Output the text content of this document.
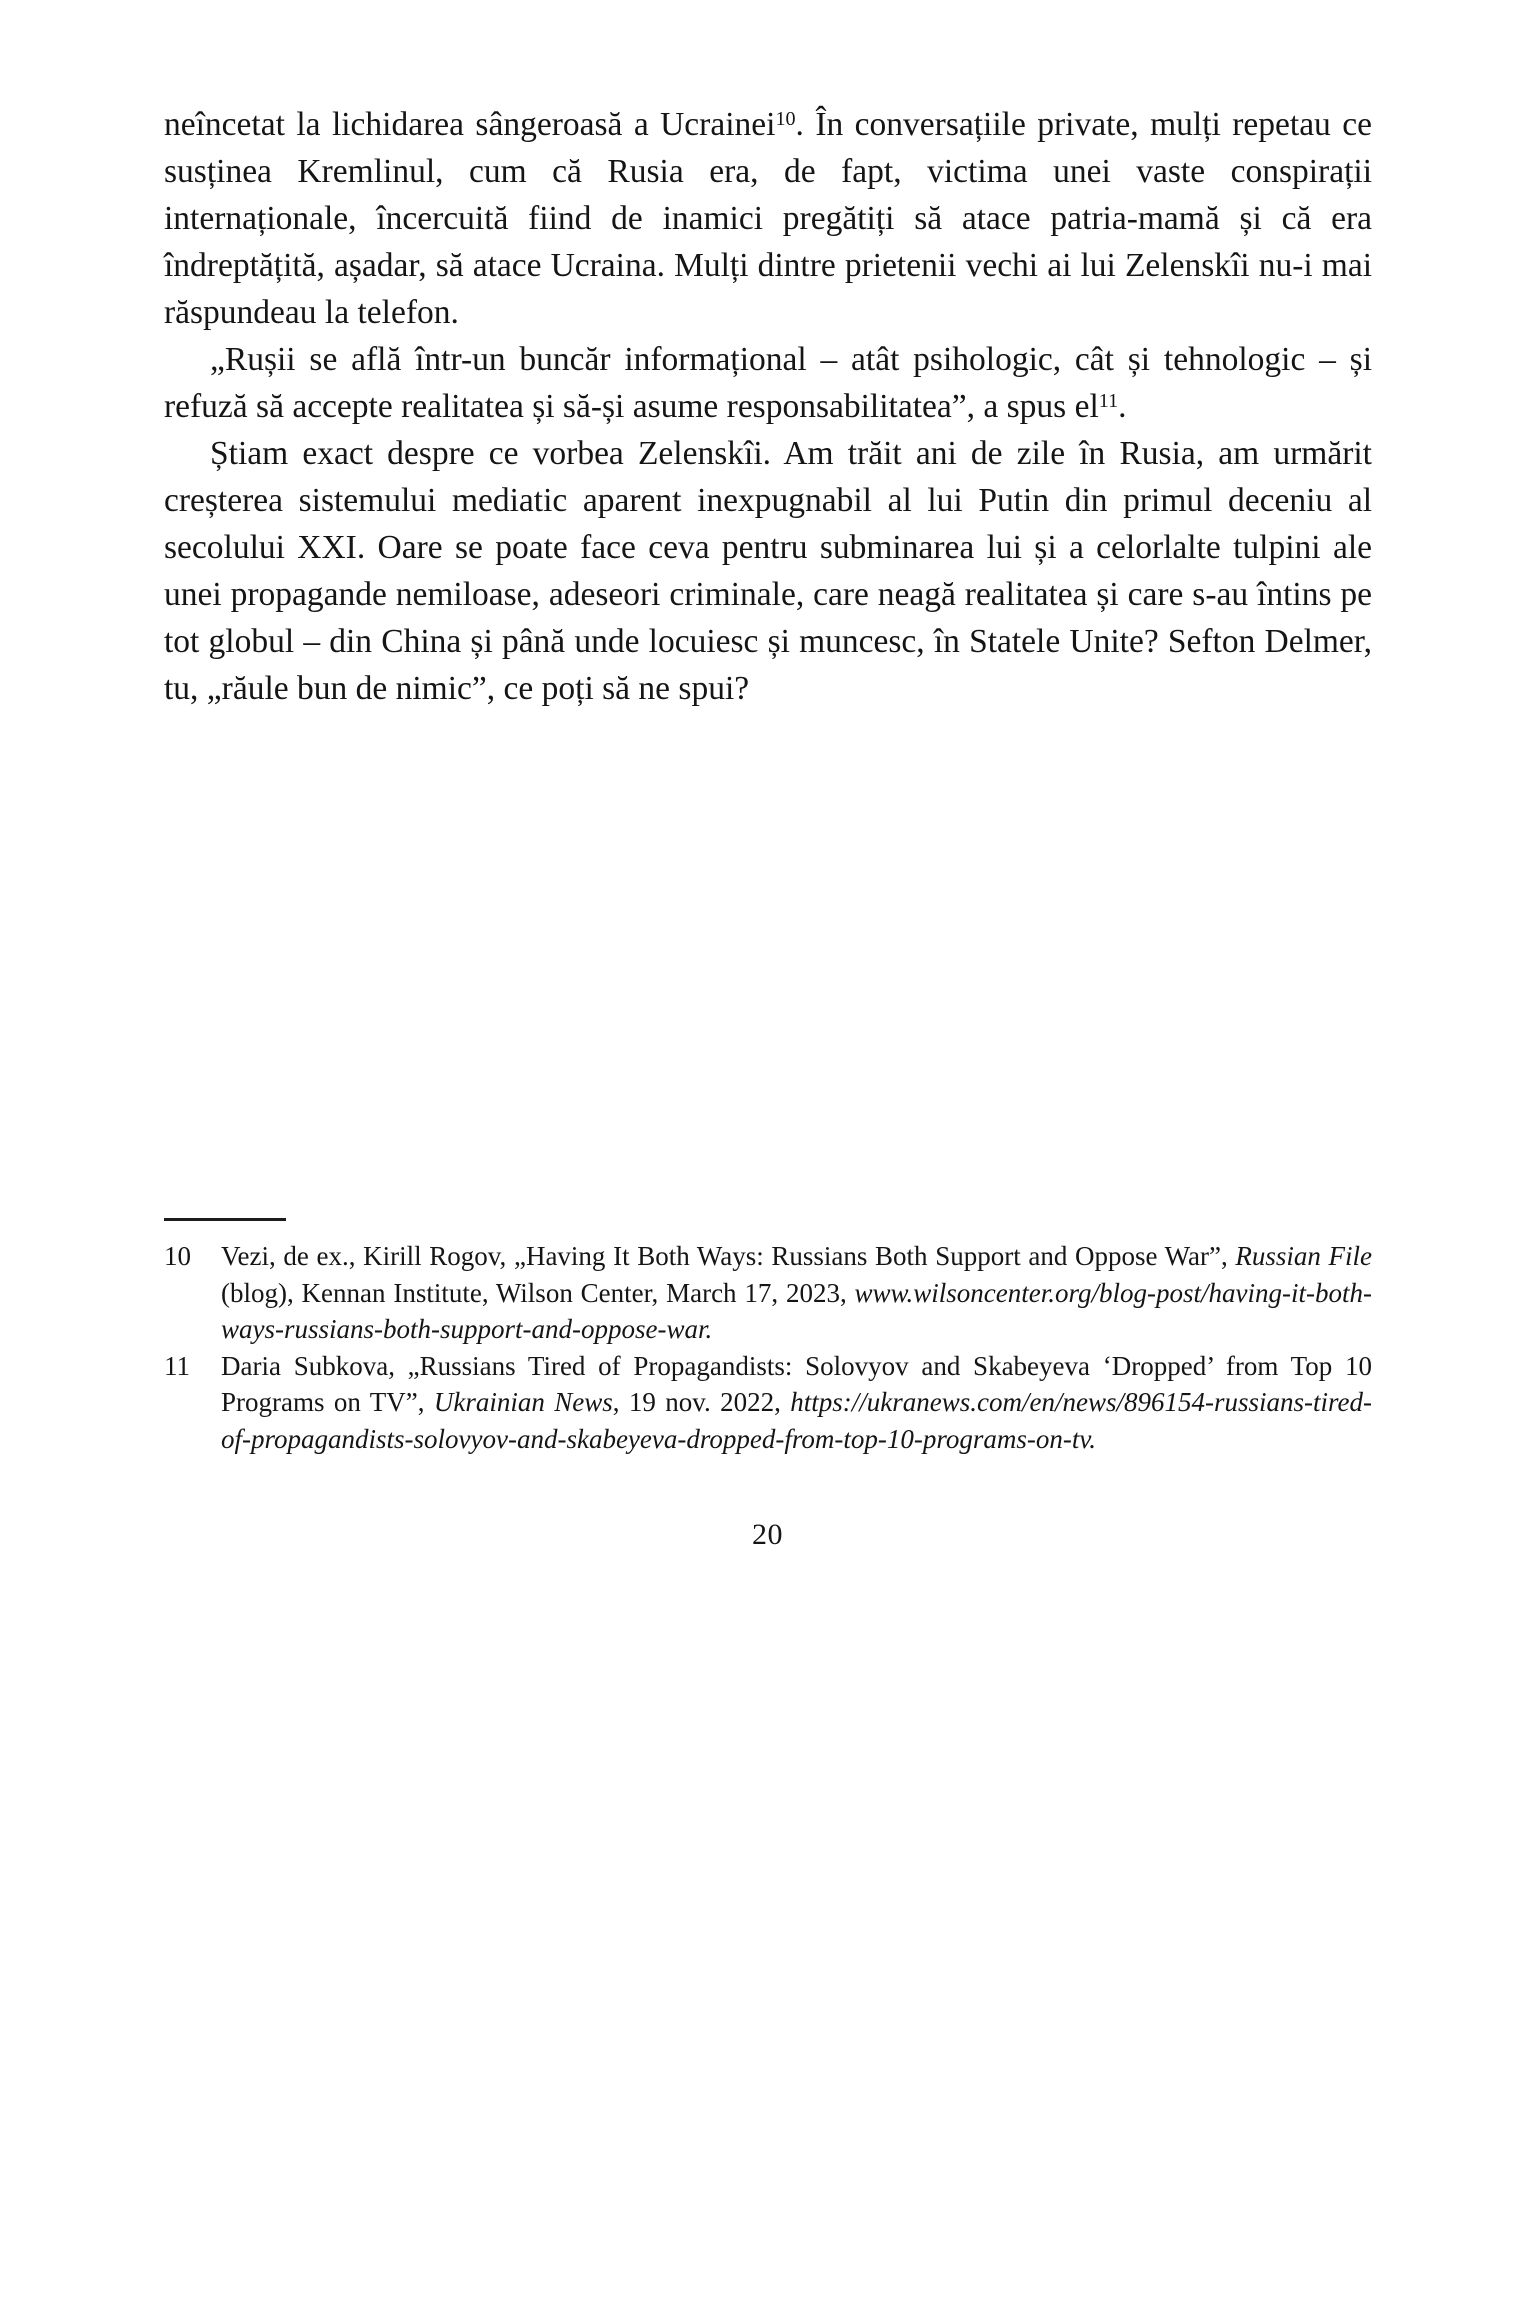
neîncetat la lichidarea sângeroasă a Ucrainei$^{10}$. În conversațiile private, mulți repetau ce susținea Kremlinul, cum că Rusia era, de fapt, victima unei vaste conspirații internaționale, încercuită fiind de inamici pregătiți să atace patria-mamă și că era îndreptățită, așadar, să atace Ucraina. Mulți dintre prietenii vechi ai lui Zelenskîi nu-i mai răspundeau la telefon.

„Rușii se află într-un buncăr informațional – atât psihologic, cât și tehnologic – și refuză să accepte realitatea și să-și asume responsabilitatea”, a spus el$^{11}$.

Știam exact despre ce vorbea Zelenskîi. Am trăit ani de zile în Rusia, am urmărit creșterea sistemului mediatic aparent inexpugnabil al lui Putin din primul deceniu al secolului XXI. Oare se poate face ceva pentru subminarea lui și a celorlalte tulpini ale unei propagande nemiloase, adeseori criminale, care neagă realitatea și care s-au întins pe tot globul – din China și până unde locuiesc și muncesc, în Statele Unite? Sefton Delmer, tu, „răule bun de nimic”, ce poți să ne spui?

10 Vezi, de ex., Kirill Rogov, „Having It Both Ways: Russians Both Support and Oppose War”, Russian File (blog), Kennan Institute, Wilson Center, March 17, 2023, www.wilsoncenter.org/blog-post/having-it-both-ways-russians-both-support-and-oppose-war.
11 Daria Subkova, „Russians Tired of Propagandists: Solovyov and Skabeyeva ‘Dropped’ from Top 10 Programs on TV”, Ukrainian News, 19 nov. 2022, https://ukranews.com/en/news/896154-russians-tired-of-propagandists-solovyov-and-skabeyeva-dropped-from-top-10-programs-on-tv.
20
